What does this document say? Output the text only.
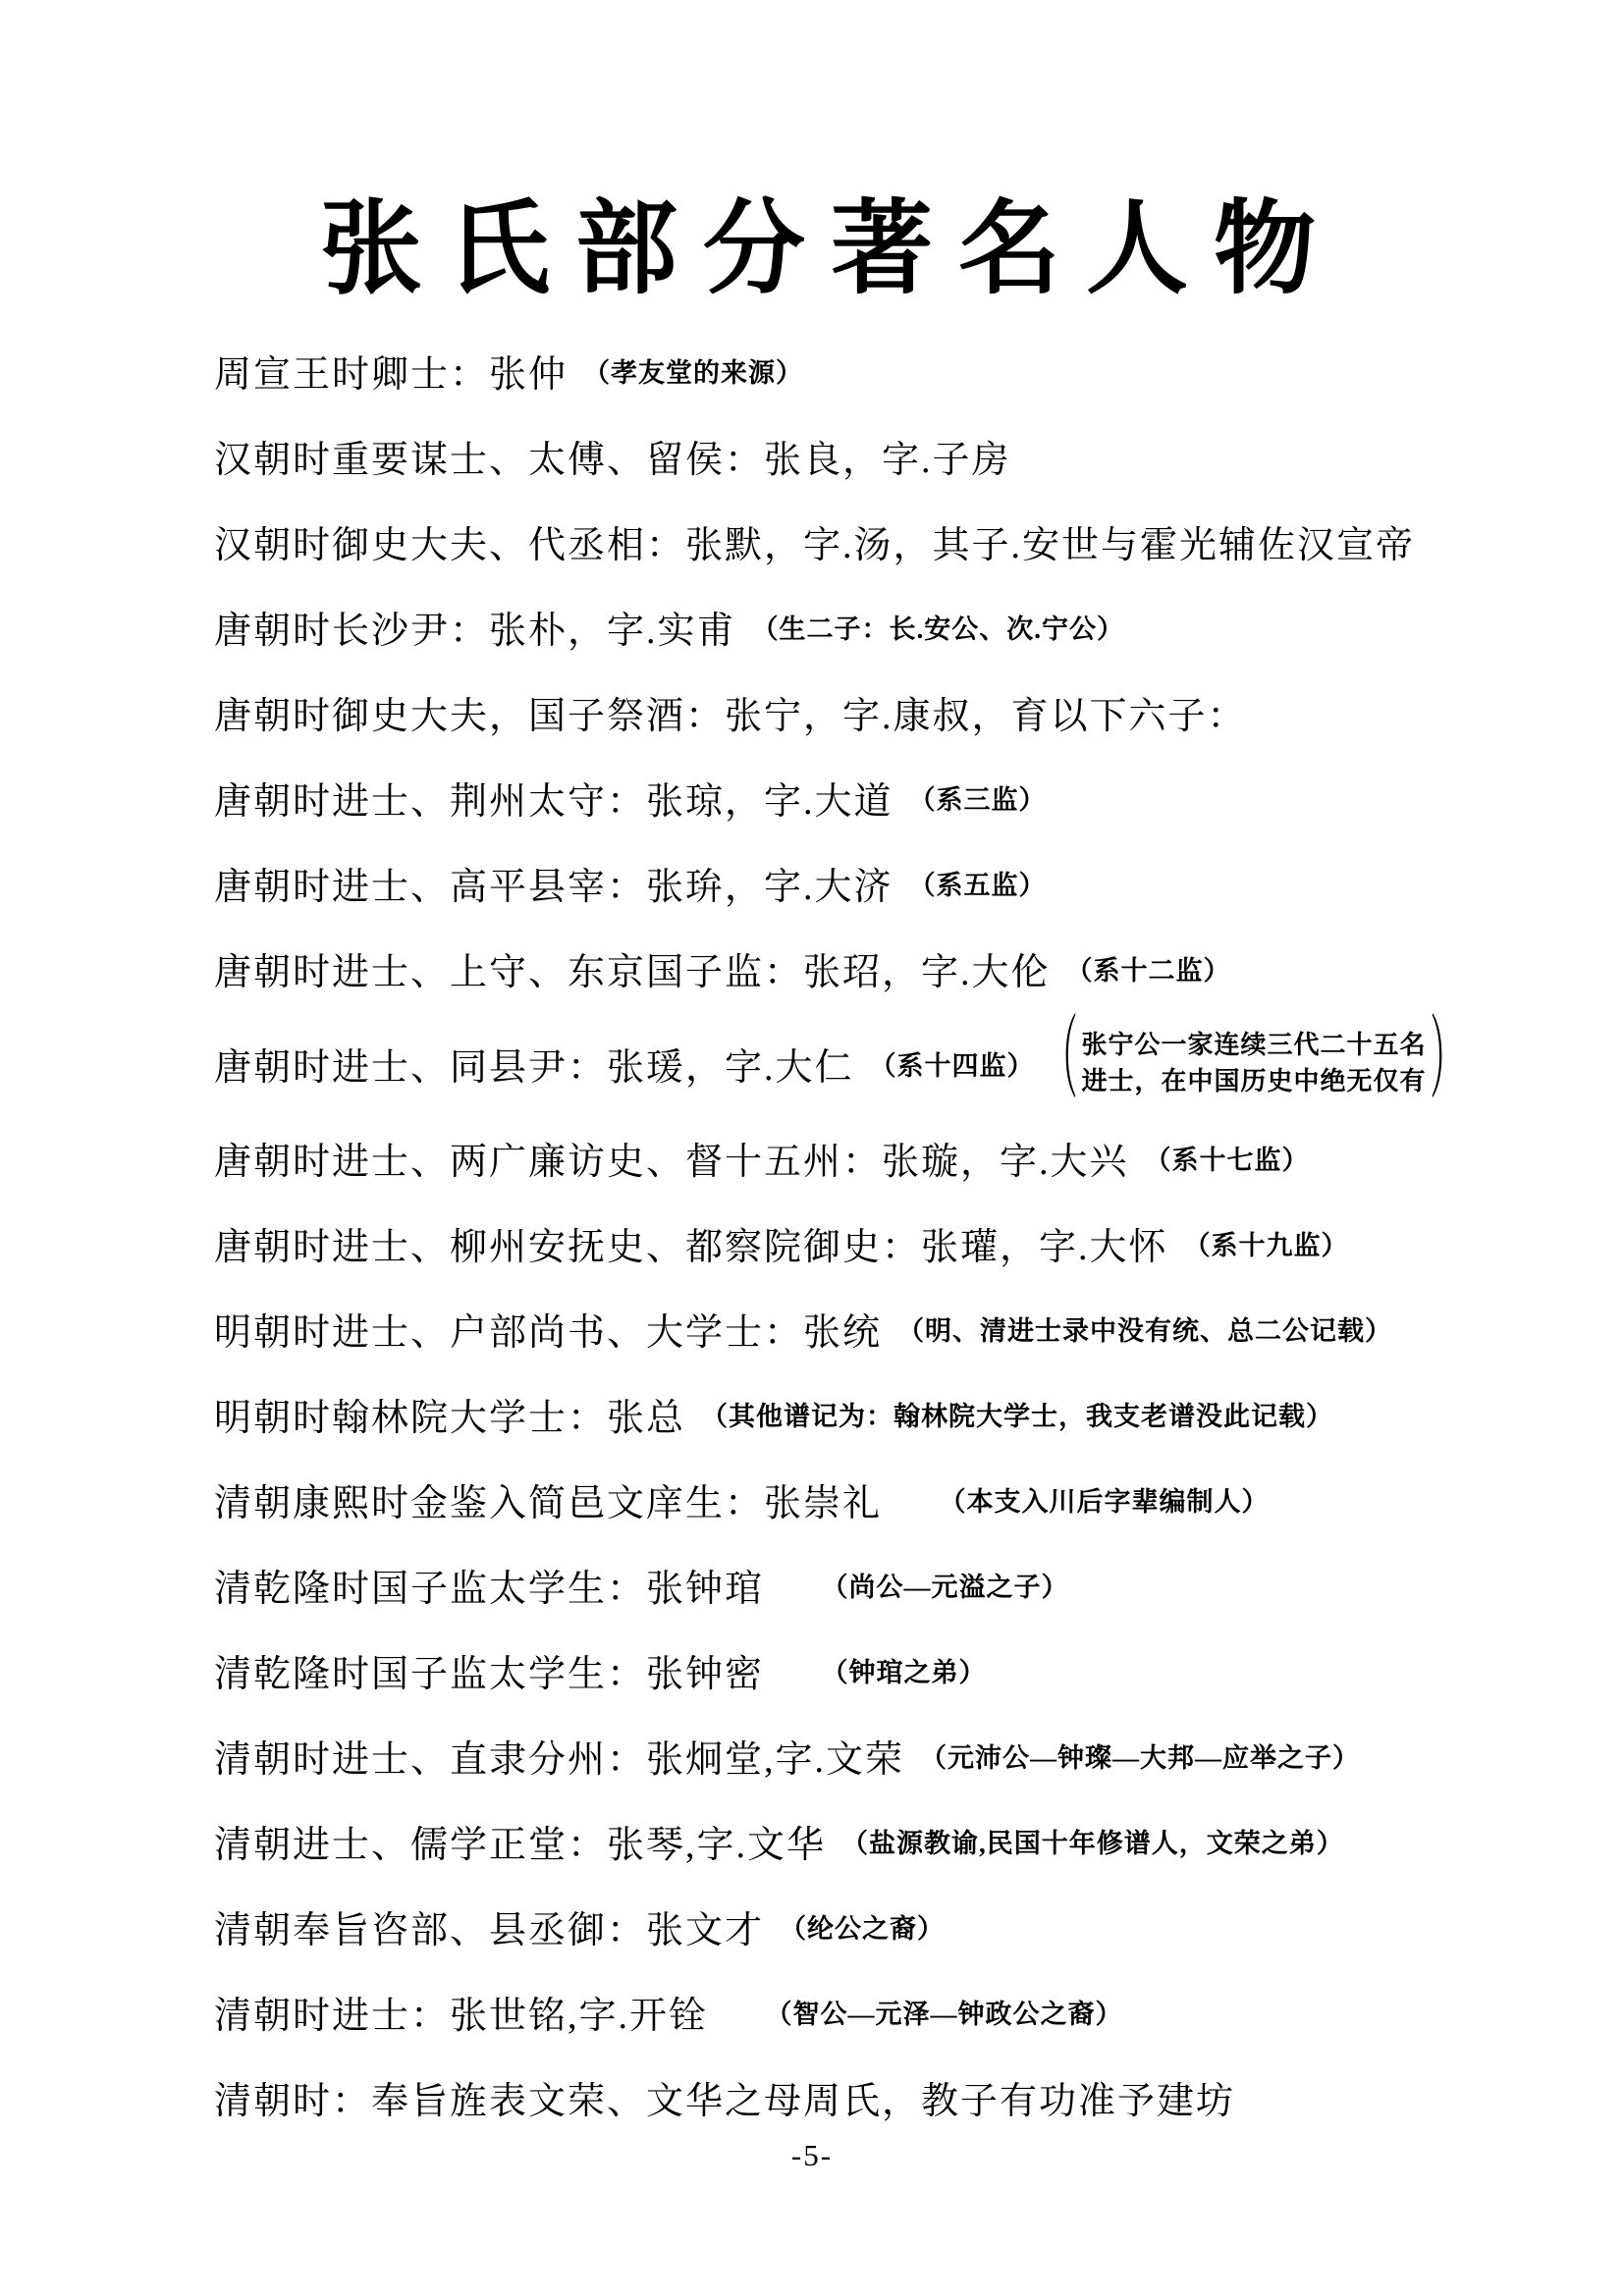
张氏部分著名人物
周宣王时卿士：张仲 （孝友堂的来源）
汉朝时重要谋士、太傅、留侯：张良，字.子房
汉朝时御史大夫、代丞相：张默，字.汤，其子.安世与霍光辅佐汉宣帝
唐朝时长沙尹：张朴，字.实甫 （生二子：长.安公、次.宁公）
唐朝时御史大夫，国子祭酒：张宁，字.康叔，育以下六子：
唐朝时进士、荆州太守：张琼，字.大道 （系三监）
唐朝时进士、高平县宰：张㺹，字.大济 （系五监）
唐朝时进士、上守、东京国子监：张玿，字.大伦 （系十二监）
唐朝时进士、同县尹：张瑗，字.大仁 （系十四监） （ 张宁公一家连续三代二十五名
进士，在中国历史中绝无仅有 ）
唐朝时进士、两广廉访史、督十五州：张璇，字.大兴 （系十七监）
唐朝时进士、柳州安抚史、都察院御史：张瓘，字.大怀 （系十九监）
明朝时进士、户部尚书、大学士：张统 （明、清进士录中没有统、总二公记载）
明朝时翰林院大学士：张总 （其他谱记为：翰林院大学士，我支老谱没此记载）
清朝康熙时金鉴入简邑文庠生：张崇礼 　　（本支入川后字辈编制人）
清乾隆时国子监太学生：张钟琯 　　（尚公—元溢之子）
清乾隆时国子监太学生：张钟密 　　（钟琯之弟）
清朝时进士、直隶分州：张炯堂,字.文荣 （元沛公—钟璨—大邦—应举之子）
清朝进士、儒学正堂：张琴,字.文华 （盐源教谕,民国十年修谱人，文荣之弟）
清朝奉旨咨部、县丞御：张文才 （纶公之裔）
清朝时进士：张世铭,字.开铨 　　（智公—元泽—钟政公之裔）
清朝时：奉旨旌表文荣、文华之母周氏，教子有功准予建坊
-5-
